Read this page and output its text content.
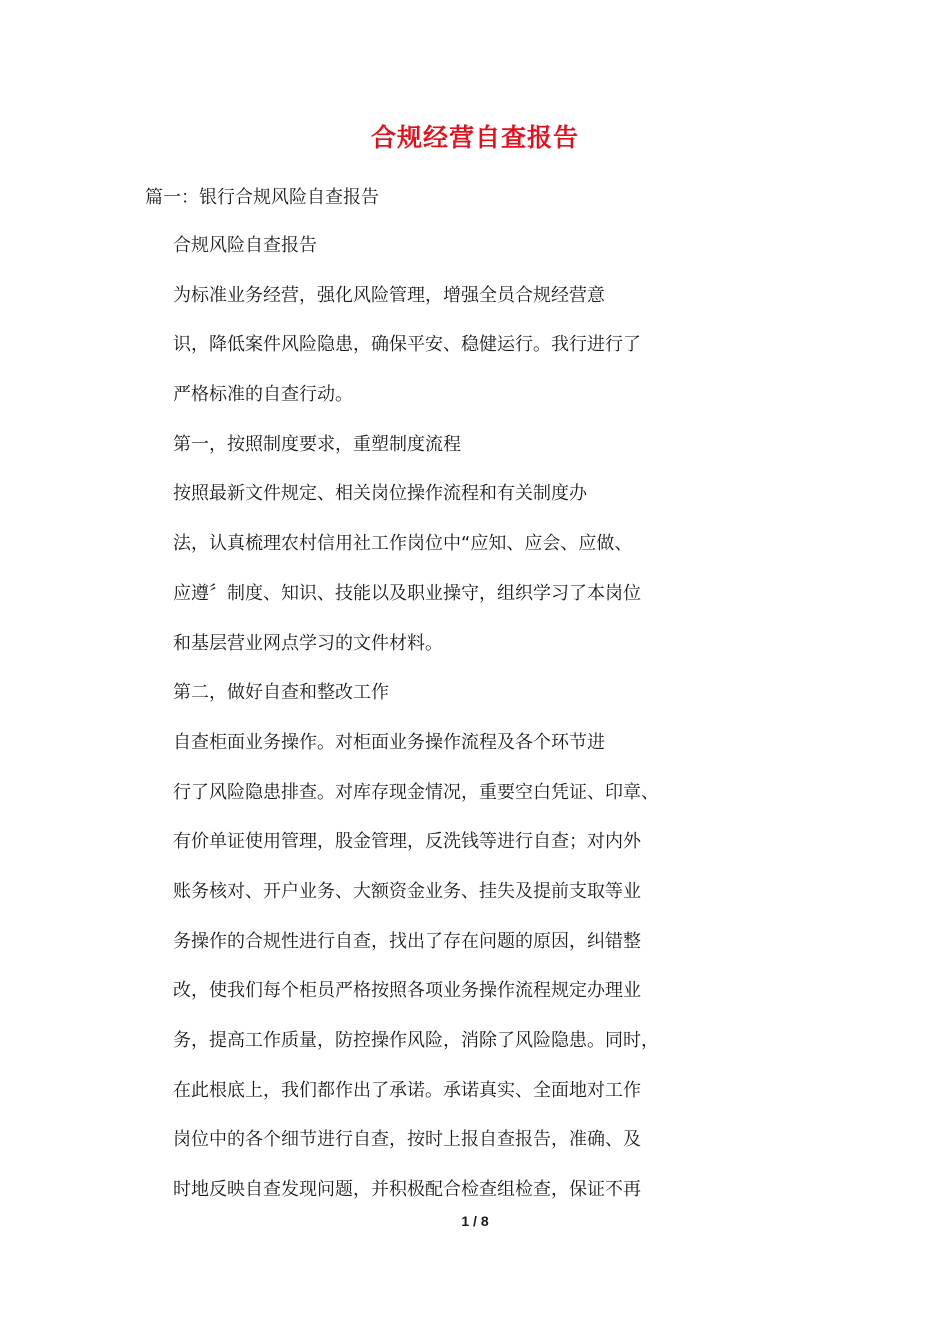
合规经营自查报告
篇一：银行合规风险自查报告
合规风险自查报告
为标准业务经营，强化风险管理，增强全员合规经营意
识，降低案件风险隐患，确保平安、稳健运行。我行进行了
严格标准的自查行动。
第一，按照制度要求，重塑制度流程
按照最新文件规定、相关岗位操作流程和有关制度办
法，认真梳理农村信用社工作岗位中“应知、应会、应做、
应遵〞制度、知识、技能以及职业操守，组织学习了本岗位
和基层营业网点学习的文件材料。
第二，做好自查和整改工作
自查柜面业务操作。对柜面业务操作流程及各个环节进
行了风险隐患排查。对库存现金情况，重要空白凭证、印章、
有价单证使用管理，股金管理，反洗钱等进行自查；对内外
账务核对、开户业务、大额资金业务、挂失及提前支取等业
务操作的合规性进行自查，找出了存在问题的原因，纠错整
改，使我们每个柜员严格按照各项业务操作流程规定办理业
务，提高工作质量，防控操作风险，消除了风险隐患。同时，
在此根底上，我们都作出了承诺。承诺真实、全面地对工作
岗位中的各个细节进行自查，按时上报自查报告，准确、及
时地反映自查发现问题，并积极配合检查组检查，保证不再
1 / 8
